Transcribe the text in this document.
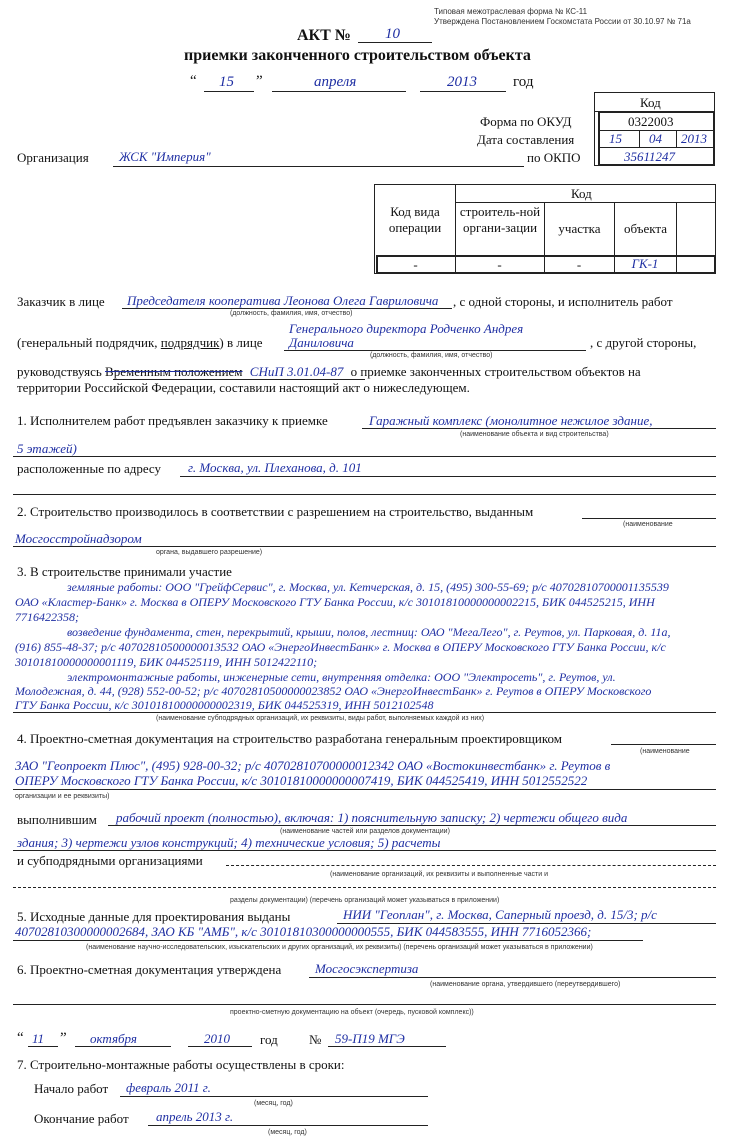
Типовая межотраслевая форма № КС-11
Утверждена Постановлением Госкомстата России от 30.10.97 № 71а
АКТ № 10
приемки законченного строительством объекта
“ 15 ”	апреля	2013 год
Код
Форма по ОКУД	0322003
Дата составления	15 04 2013
Организация ЖСК "Империя"	по ОКПО	35611247
Код
Код вида операции
строитель-ной органи-зации	участка	объекта
-	-	-	ГК-1
Заказчик в лице Председателя кооператива Леонова Олега Гавриловича , с одной стороны, и исполнитель работ
(должность, фамилия, имя, отчество)
Генерального директора Родченко Андрея
(генеральный подрядчик, подрядчик) в лице Даниловича	, с другой стороны,
(должность, фамилия, имя, отчество)
руководствуясь Временным положением СНиП 3.01.04-87 о приемке законченных строительством объектов на
территории Российской Федерации, составили настоящий акт о нижеследующем.
1. Исполнителем работ предъявлен заказчику к приемке	Гаражный комплекс (монолитное нежилое здание,
(наименование объекта и вид строительства)
5 этажей)
расположенные по адресу г. Москва, ул. Плеханова, д. 101
2. Строительство производилось в соответствии с разрешением на строительство, выданным
(наименование
Мосгосстройнадзором
органа, выдавшего разрешение)
3. В строительстве принимали участие
земляные работы: ООО "ГрейфСервис", г. Москва, ул. Кетчерская, д. 15, (495) 300-55-69; р/с 40702810700001135539
ОАО «Кластер-Банк» г. Москва в ОПЕРУ Московского ГТУ Банка России, к/с 30101810000000002215, БИК 044525215, ИНН
7716422358;
возведение фундамента, стен, перекрытий, крыши, полов, лестниц: ОАО "МегаЛего", г. Реутов, ул. Парковая, д. 11а,
(916) 855-48-37; р/с 40702810500000013532 ОАО «ЭнергоИнвестБанк» г. Москва в ОПЕРУ Московского ГТУ Банка России, к/с
30101810000000001119, БИК 044525119, ИНН 5012422110;
электромонтажные работы, инженерные сети, внутренняя отделка: ООО "Электросеть", г. Реутов, ул.
Молодежная, д. 44, (928) 552-00-52; р/с 40702810500000023852 ОАО «ЭнергоИнвестБанк» г. Реутов в ОПЕРУ Московского
ГТУ Банка России, к/с 30101810000000002319, БИК 044525319, ИНН 5012102548
(наименование субподрядных организаций, их реквизиты, виды работ, выполняемых каждой из них)
4. Проектно-сметная документация на строительство разработана генеральным проектировщиком
(наименование
ЗАО "Геопроект Плюс", (495) 928-00-32; р/с 40702810700000012342 ОАО «Востокинвестбанк» г. Реутов в
ОПЕРУ Московского ГТУ Банка России, к/с 30101810000000007419, БИК 044525419, ИНН 5012552522
организации и ее реквизиты)
выполнившим рабочий проект (полностью), включая: 1) пояснительную записку; 2) чертежи общего вида
(наименование частей или разделов документации)
здания; 3) чертежи узлов конструкций; 4) технические условия; 5) расчеты
и субподрядными организациями
(наименование организаций, их реквизиты и выполненные части и
разделы документации) (перечень организаций может указываться в приложении)
5. Исходные данные для проектирования выданы	НИИ "Геоплан", г. Москва, Саперный проезд, д. 15/3; р/с
40702810300000002684, ЗАО КБ "АМБ", к/с 30101810300000000555, БИК 044583555, ИНН 7716052366;
(наименование научно-исследовательских, изыскательских и других организаций, их реквизиты) (перечень организаций может указываться в приложении)
6. Проектно-сметная документация утверждена	Мосгосэкспертиза
(наименование органа, утвердившего (переутвердившего)
проектно-сметную документацию на объект (очередь, пусковой комплекс))
“ 11 ” октября	2010 год № 59-П19 МГЭ
7. Строительно-монтажные работы осуществлены в сроки:
Начало работ февраль 2011 г.
(месяц, год)
Окончание работ апрель 2013 г.
(месяц, год)
